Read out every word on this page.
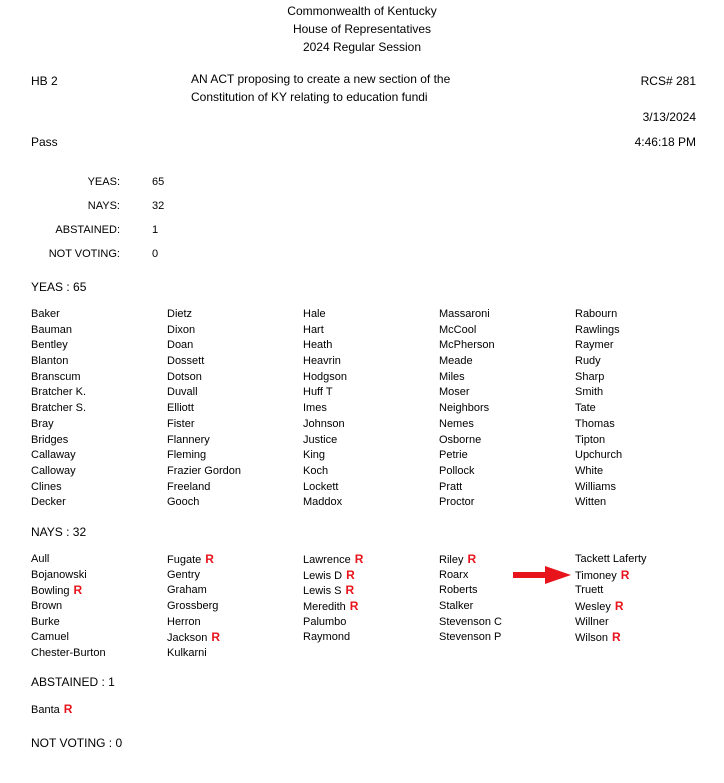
Commonwealth of Kentucky
House of Representatives
2024 Regular Session
HB 2	AN ACT proposing to create a new section of the
Constitution of KY relating to education fundi
RCS# 281
3/13/2024
4:46:18 PM
Pass
YEAS:	65
NAYS:	32
ABSTAINED:	1
NOT VOTING:	0
YEAS : 65
Baker
Bauman
Bentley
Blanton
Branscum
Bratcher K.
Bratcher S.
Bray
Bridges
Callaway
Calloway
Clines
Decker
Dietz
Dixon
Doan
Dossett
Dotson
Duvall
Elliott
Fister
Flannery
Fleming
Frazier Gordon
Freeland
Gooch
Hale
Hart
Heath
Heavrin
Hodgson
Huff T
Imes
Johnson
Justice
King
Koch
Lockett
Maddox
Massaroni
McCool
McPherson
Meade
Miles
Moser
Neighbors
Nemes
Osborne
Petrie
Pollock
Pratt
Proctor
Rabourn
Rawlings
Raymer
Rudy
Sharp
Smith
Tate
Thomas
Tipton
Upchurch
White
Williams
Witten
NAYS : 32
Aull
Bojanowski
Bowling R
Brown
Burke
Camuel
Chester-Burton
Fugate R
Gentry
Graham
Grossberg
Herron
Jackson R
Kulkarni
Lawrence R
Lewis D R
Lewis S R
Meredith R
Palumbo
Raymond
Riley R
Roarx
Roberts
Stalker
Stevenson C
Stevenson P
Tackett Laferty
Timoney R
Truett
Wesley R
Willner
Wilson R
ABSTAINED : 1
Banta R
NOT VOTING : 0
